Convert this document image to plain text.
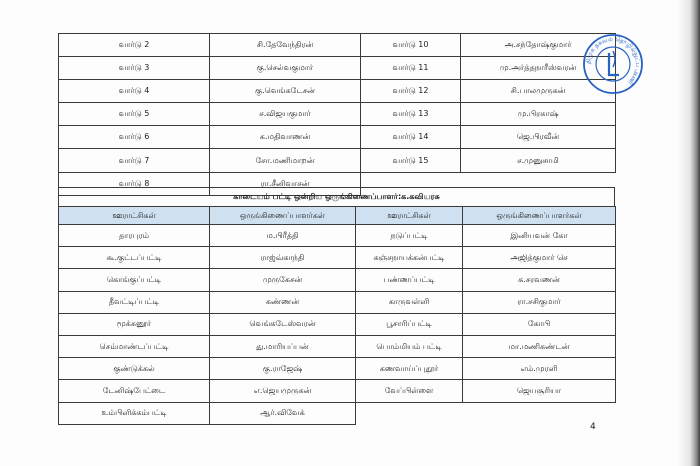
வார்டு 2	சி.தேவேந்திரன்	வார்டு 10	அ.சந்தோஷ்குமார்
வார்டு 3	கு.செல்வகுமார்	வார்டு 11	மு.அர்த்தநாரீஸ்வரன்
வார்டு 4	கு.வெங்கடேசன்	வார்டு 12	சி.பாலமுருகன்
வார்டு 5	ச.விஜயகுமார்	வார்டு 13	மு.பிரகாஷ்
வார்டு 6	க.மதிவாணன்	வார்டு 14	ஜெ.பிரவீன்
வார்டு 7	சோ.மணிமாறன்	வார்டு 15	ச.முனுசாமி
வார்டு 8	ரா.சீனிவாசன்		
திமுக தகவல் தொழில்நுட்ப அணி
காடையம் பட்டி ஒன்றிய ஒருங்கிணைப்பாளர்:க.கவியரசு
ஊராட்சிகள்	ஒருங்கிணைப்பாளர்கள்	ஊராட்சிகள்	ஒருங்கிணைப்பாளர்கள்
தாரபுரம்	ம.பிரீத்தி	நடுப்பட்டி	இனியவன் கோ
கூ.குட்டப்பட்டி	ராஜ்வ்காந்தி	கஞ்சநாயக்கன்பட்டி	அஜித்குமார் செ
கொங்குப்பட்டி	முருகேசன்	பண்ணப்பட்டி	க.சரவணன்
தீவட்டிப்பட்டி	கண்ணன்	காருவள்ளி	ரா.சசிகுமார்
மூக்கனூர்	வெங்கடேஸ்வரன்	பூசாரிப்பட்டி	கோபி
செம்மாண்டப்பட்டி	து.மாரியப்பன்	பொம்மியம் பட்டி	மா.மணிகண்டன்
குண்டுக்கல்	கு.ராஜேஷ்	கணவாய்ப்புதூர்	எம்.முரளி
டேனிஷ்பேட்டை	எ.ஜெயமுருகன்	வேப்பிள்ளை	ஜெயசூரியா
உம்பிளிக்கம்பட்டி	ஆர்.விவேக்		
4
